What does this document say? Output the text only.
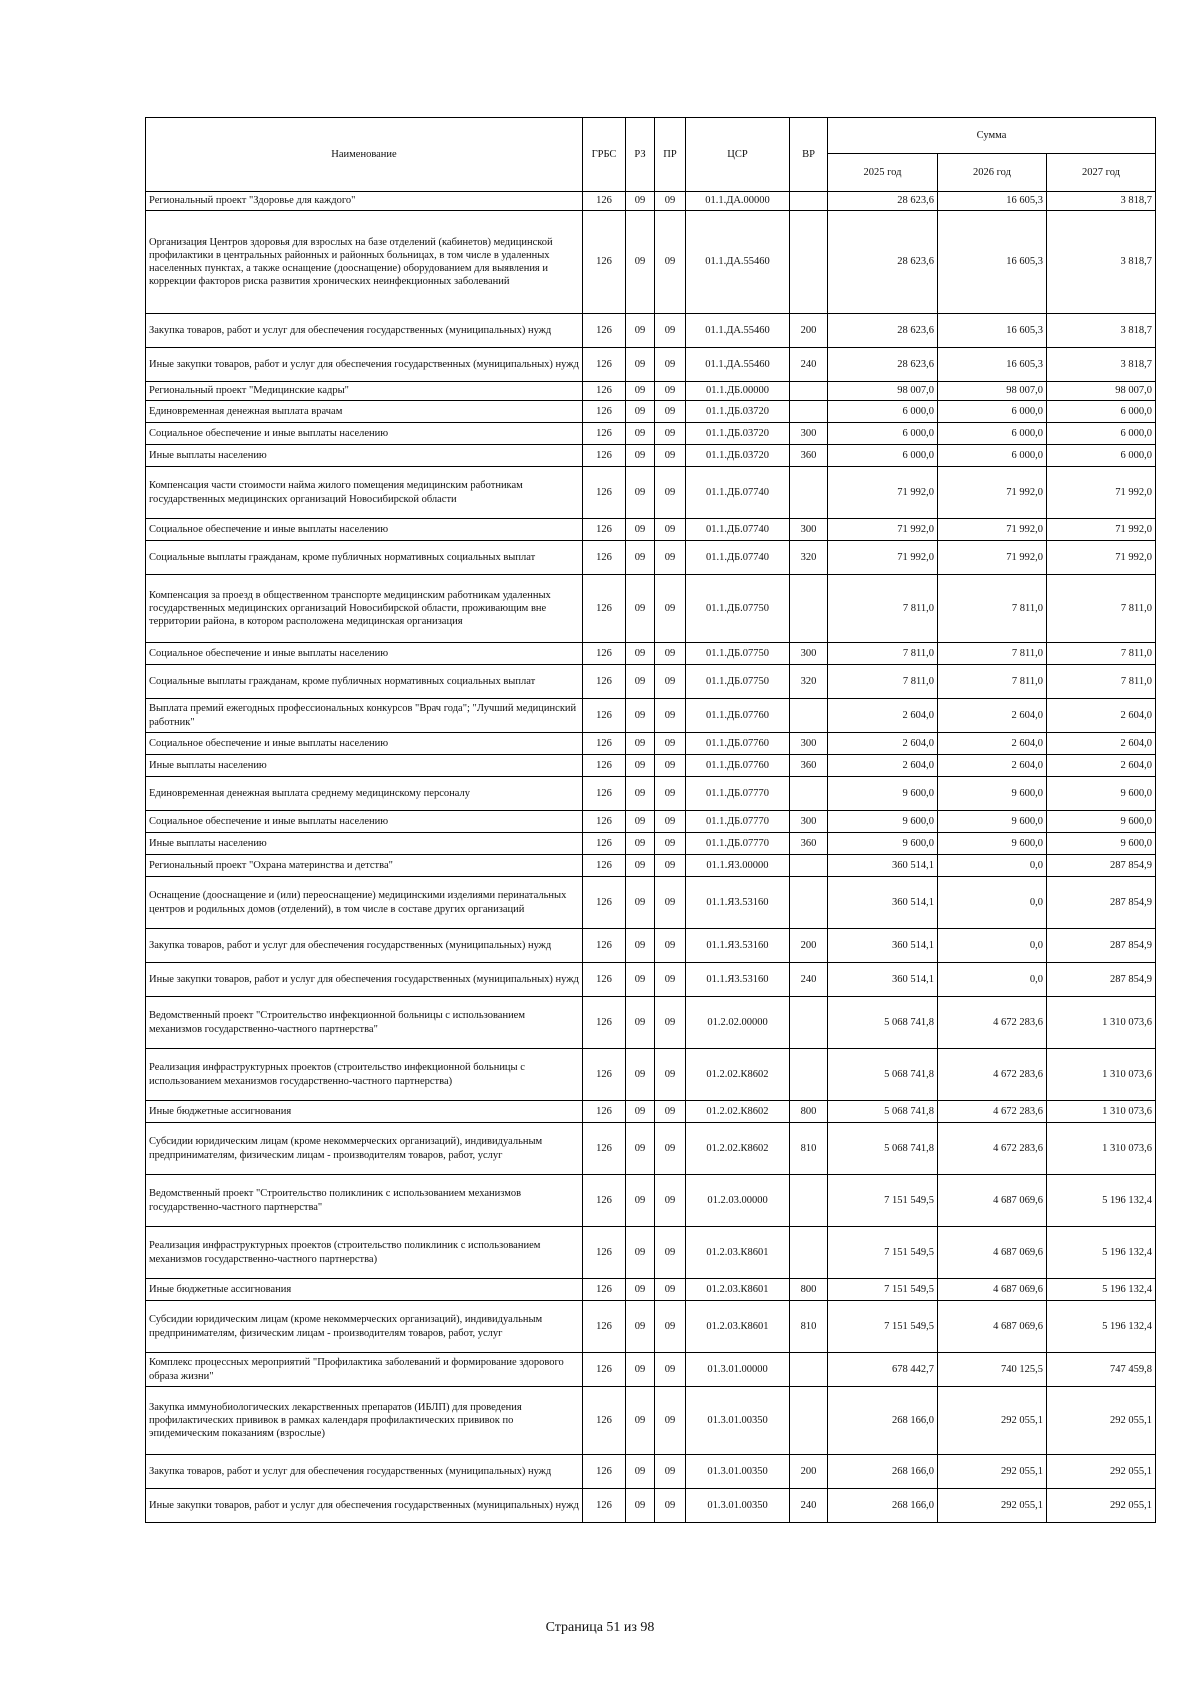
Наименование	ГРБС	РЗ	ПР	ЦСР	ВР	Сумма		
						2025 год	2026 год	2027 год
Региональный проект "Здоровье для каждого"	126	09	09	01.1.ДА.00000		28 623,6	16 605,3	3 818,7
Организация Центров здоровья для взрослых на базе отделений (кабинетов) медицинской профилактики в центральных районных и районных больницах, в том числе в удаленных населенных пунктах, а также оснащение (дооснащение) оборудованием для выявления и коррекции факторов риска развития хронических неинфекционных заболеваний	126	09	09	01.1.ДА.55460		28 623,6	16 605,3	3 818,7
Закупка товаров, работ и услуг для обеспечения государственных (муниципальных) нужд	126	09	09	01.1.ДА.55460	200	28 623,6	16 605,3	3 818,7
Иные закупки товаров, работ и услуг для обеспечения государственных (муниципальных) нужд	126	09	09	01.1.ДА.55460	240	28 623,6	16 605,3	3 818,7
Региональный проект "Медицинские кадры"	126	09	09	01.1.ДБ.00000		98 007,0	98 007,0	98 007,0
Единовременная денежная выплата врачам	126	09	09	01.1.ДБ.03720		6 000,0	6 000,0	6 000,0
Социальное обеспечение и иные выплаты населению	126	09	09	01.1.ДБ.03720	300	6 000,0	6 000,0	6 000,0
Иные выплаты населению	126	09	09	01.1.ДБ.03720	360	6 000,0	6 000,0	6 000,0
Компенсация части стоимости найма жилого помещения медицинским работникам государственных медицинских организаций Новосибирской области	126	09	09	01.1.ДБ.07740		71 992,0	71 992,0	71 992,0
Социальное обеспечение и иные выплаты населению	126	09	09	01.1.ДБ.07740	300	71 992,0	71 992,0	71 992,0
Социальные выплаты гражданам, кроме публичных нормативных социальных выплат	126	09	09	01.1.ДБ.07740	320	71 992,0	71 992,0	71 992,0
Компенсация за проезд в общественном транспорте медицинским работникам удаленных государственных медицинских организаций Новосибирской области, проживающим вне территории района, в котором расположена медицинская организация	126	09	09	01.1.ДБ.07750		7 811,0	7 811,0	7 811,0
Социальное обеспечение и иные выплаты населению	126	09	09	01.1.ДБ.07750	300	7 811,0	7 811,0	7 811,0
Социальные выплаты гражданам, кроме публичных нормативных социальных выплат	126	09	09	01.1.ДБ.07750	320	7 811,0	7 811,0	7 811,0
Выплата премий ежегодных профессиональных конкурсов "Врач года"; "Лучший медицинский работник"	126	09	09	01.1.ДБ.07760		2 604,0	2 604,0	2 604,0
Социальное обеспечение и иные выплаты населению	126	09	09	01.1.ДБ.07760	300	2 604,0	2 604,0	2 604,0
Иные выплаты населению	126	09	09	01.1.ДБ.07760	360	2 604,0	2 604,0	2 604,0
Единовременная денежная выплата среднему медицинскому персоналу	126	09	09	01.1.ДБ.07770		9 600,0	9 600,0	9 600,0
Социальное обеспечение и иные выплаты населению	126	09	09	01.1.ДБ.07770	300	9 600,0	9 600,0	9 600,0
Иные выплаты населению	126	09	09	01.1.ДБ.07770	360	9 600,0	9 600,0	9 600,0
Региональный проект "Охрана материнства и детства"	126	09	09	01.1.Я3.00000		360 514,1	0,0	287 854,9
Оснащение (дооснащение и (или) переоснащение) медицинскими изделиями перинатальных центров и родильных домов (отделений), в том числе в составе других организаций	126	09	09	01.1.Я3.53160		360 514,1	0,0	287 854,9
Закупка товаров, работ и услуг для обеспечения государственных (муниципальных) нужд	126	09	09	01.1.Я3.53160	200	360 514,1	0,0	287 854,9
Иные закупки товаров, работ и услуг для обеспечения государственных (муниципальных) нужд	126	09	09	01.1.Я3.53160	240	360 514,1	0,0	287 854,9
Ведомственный проект "Строительство инфекционной больницы с использованием механизмов государственно-частного партнерства"	126	09	09	01.2.02.00000		5 068 741,8	4 672 283,6	1 310 073,6
Реализация инфраструктурных проектов (строительство инфекционной больницы с использованием механизмов государственно-частного партнерства)	126	09	09	01.2.02.К8602		5 068 741,8	4 672 283,6	1 310 073,6
Иные бюджетные ассигнования	126	09	09	01.2.02.К8602	800	5 068 741,8	4 672 283,6	1 310 073,6
Субсидии юридическим лицам (кроме некоммерческих организаций), индивидуальным предпринимателям, физическим лицам - производителям товаров, работ, услуг	126	09	09	01.2.02.К8602	810	5 068 741,8	4 672 283,6	1 310 073,6
Ведомственный проект "Строительство поликлиник с использованием механизмов государственно-частного партнерства"	126	09	09	01.2.03.00000		7 151 549,5	4 687 069,6	5 196 132,4
Реализация инфраструктурных проектов (строительство поликлиник с использованием механизмов государственно-частного партнерства)	126	09	09	01.2.03.К8601		7 151 549,5	4 687 069,6	5 196 132,4
Иные бюджетные ассигнования	126	09	09	01.2.03.К8601	800	7 151 549,5	4 687 069,6	5 196 132,4
Субсидии юридическим лицам (кроме некоммерческих организаций), индивидуальным предпринимателям, физическим лицам - производителям товаров, работ, услуг	126	09	09	01.2.03.К8601	810	7 151 549,5	4 687 069,6	5 196 132,4
Комплекс процессных мероприятий "Профилактика заболеваний и формирование здорового образа жизни"	126	09	09	01.3.01.00000		678 442,7	740 125,5	747 459,8
Закупка иммунобиологических лекарственных препаратов (ИБЛП) для проведения профилактических прививок в рамках календаря профилактических прививок по эпидемическим показаниям (взрослые)	126	09	09	01.3.01.00350		268 166,0	292 055,1	292 055,1
Закупка товаров, работ и услуг для обеспечения государственных (муниципальных) нужд	126	09	09	01.3.01.00350	200	268 166,0	292 055,1	292 055,1
Иные закупки товаров, работ и услуг для обеспечения государственных (муниципальных) нужд	126	09	09	01.3.01.00350	240	268 166,0	292 055,1	292 055,1
Страница 51 из 98
